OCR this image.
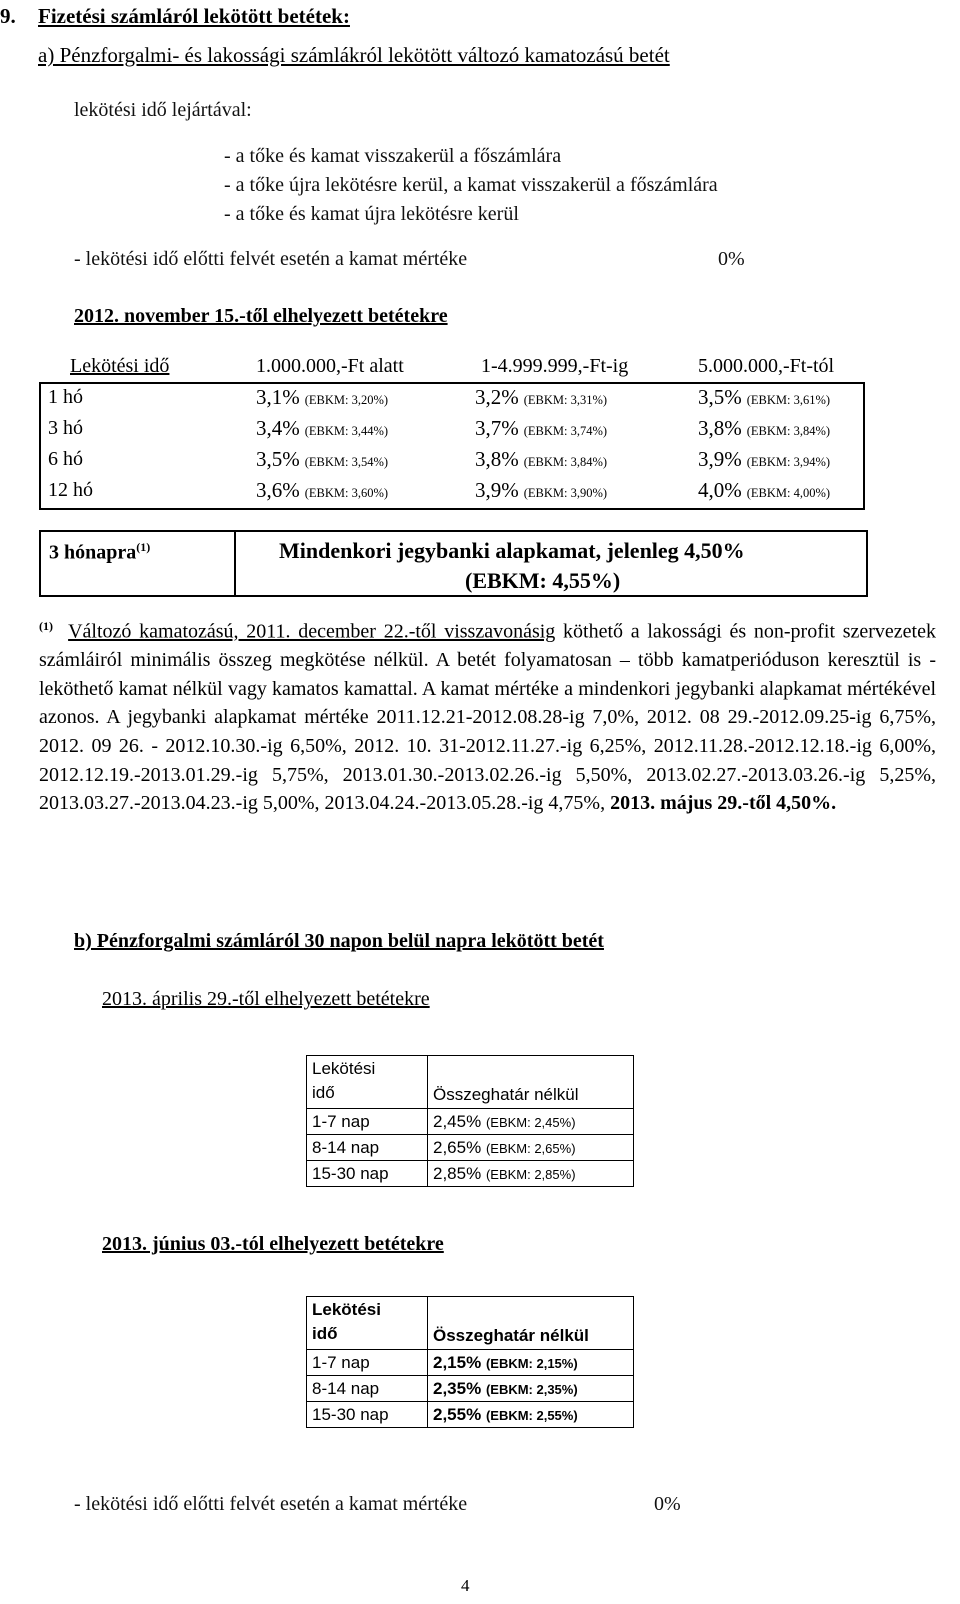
9. Fizetési számláról lekötött betétek:
a) Pénzforgalmi- és lakossági számlákról lekötött változó kamatozású betét
lekötési idő lejártával:
- a tőke és kamat visszakerül a főszámlára
- a tőke újra lekötésre kerül, a kamat visszakerül a főszámlára
- a tőke és kamat újra lekötésre kerül
- lekötési idő előtti felvét esetén a kamat mértéke	0%
2012. november 15.-től elhelyezett betétekre
Lekötési idő	1.000.000,-Ft alatt	1-4.999.999,-Ft-ig	5.000.000,-Ft-tól
1 hó	3,1% (EBKM: 3,20%)	3,2% (EBKM: 3,31%)	3,5% (EBKM: 3,61%)
3 hó	3,4% (EBKM: 3,44%)	3,7% (EBKM: 3,74%)	3,8% (EBKM: 3,84%)
6 hó	3,5% (EBKM: 3,54%)	3,8% (EBKM: 3,84%)	3,9% (EBKM: 3,94%)
12 hó	3,6% (EBKM: 3,60%)	3,9% (EBKM: 3,90%)	4,0% (EBKM: 4,00%)
3 hónapra$^{(1)}$	Mindenkori jegybanki alapkamat, jelenleg 4,50%
(EBKM: 4,55%)
$^{(1)}$ Változó kamatozású, 2011. december 22.-től visszavonásig köthető a lakossági és non-profit szervezetek számláiról minimális összeg megkötése nélkül. A betét folyamatosan – több kamatperióduson keresztül is - leköthető kamat nélkül vagy kamatos kamattal. A kamat mértéke a mindenkori jegybanki alapkamat mértékével azonos. A jegybanki alapkamat mértéke 2011.12.21-2012.08.28-ig 7,0%, 2012. 08 29.-2012.09.25-ig 6,75%, 2012. 09 26. - 2012.10.30.-ig 6,50%, 2012. 10. 31-2012.11.27.-ig 6,25%, 2012.11.28.-2012.12.18.-ig 6,00%, 2012.12.19.-2013.01.29.-ig 5,75%, 2013.01.30.-2013.02.26.-ig 5,50%, 2013.02.27.-2013.03.26.-ig 5,25%, 2013.03.27.-2013.04.23.-ig 5,00%, 2013.04.24.-2013.05.28.-ig 4,75%, 2013. május 29.-től 4,50%.
b) Pénzforgalmi számláról 30 napon belül napra lekötött betét
2013. április 29.-től elhelyezett betétekre
Lekötési
idő	Összeghatár nélkül
1-7 nap	2,45% (EBKM: 2,45%)
8-14 nap	2,65% (EBKM: 2,65%)
15-30 nap	2,85% (EBKM: 2,85%)
2013. június 03.-tól elhelyezett betétekre
Lekötési
idő	Összeghatár nélkül
1-7 nap	2,15% (EBKM: 2,15%)
8-14 nap	2,35% (EBKM: 2,35%)
15-30 nap	2,55% (EBKM: 2,55%)
- lekötési idő előtti felvét esetén a kamat mértéke	0%
4
